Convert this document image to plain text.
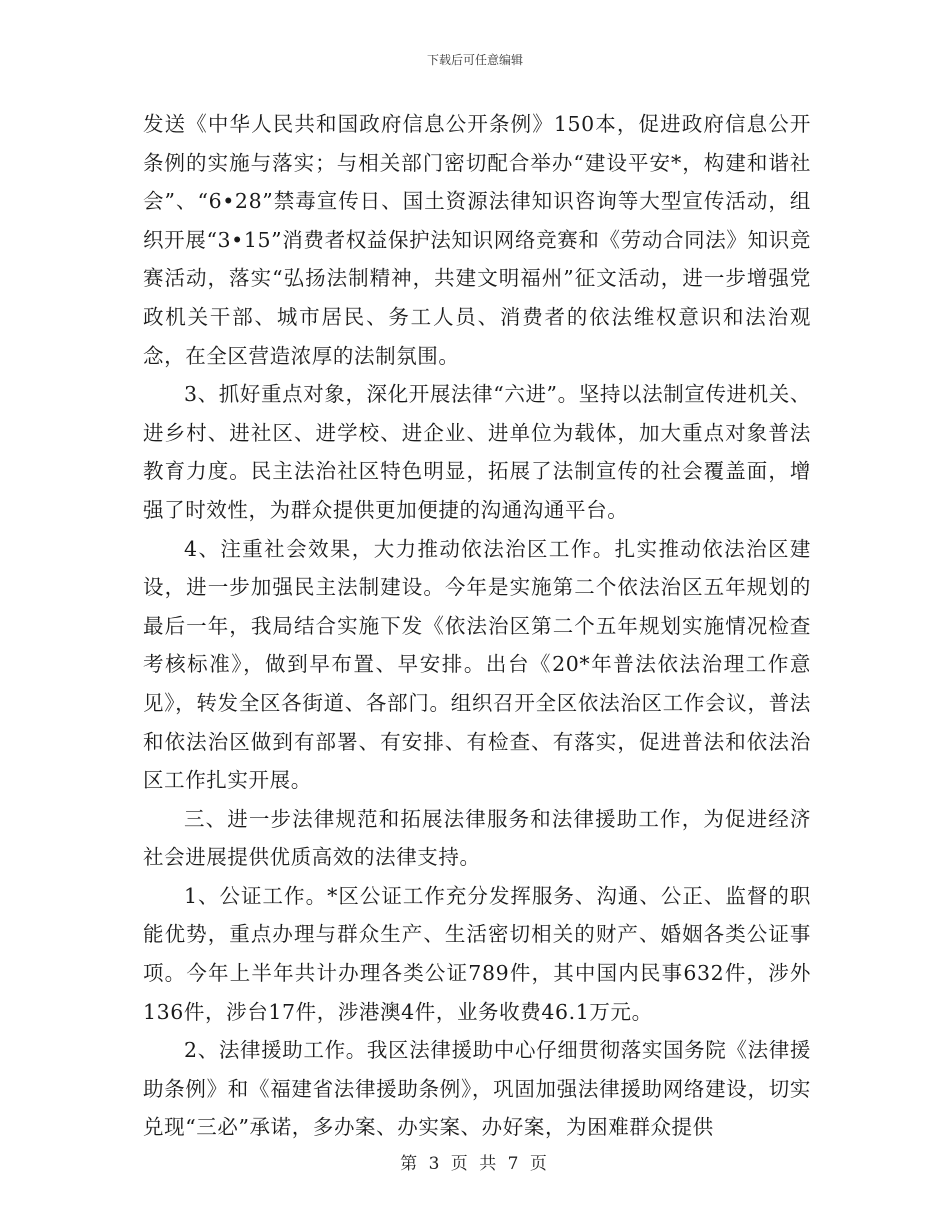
下载后可任意编辑

发送《中华人民共和国政府信息公开条例》150本，促进政府信息公开条例的实施与落实；与相关部门密切配合举办“建设平安*，构建和谐社会”、“6•28”禁毒宣传日、国土资源法律知识咨询等大型宣传活动，组织开展“3•15”消费者权益保护法知识网络竞赛和《劳动合同法》知识竞赛活动，落实“弘扬法制精神，共建文明福州”征文活动，进一步增强党政机关干部、城市居民、务工人员、消费者的依法维权意识和法治观念，在全区营造浓厚的法制氛围。

3、抓好重点对象，深化开展法律“六进”。坚持以法制宣传进机关、进乡村、进社区、进学校、进企业、进单位为载体，加大重点对象普法教育力度。民主法治社区特色明显，拓展了法制宣传的社会覆盖面，增强了时效性，为群众提供更加便捷的沟通沟通平台。

4、注重社会效果，大力推动依法治区工作。扎实推动依法治区建设，进一步加强民主法制建设。今年是实施第二个依法治区五年规划的最后一年，我局结合实施下发《依法治区第二个五年规划实施情况检查考核标准》，做到早布置、早安排。出台《20*年普法依法治理工作意见》，转发全区各街道、各部门。组织召开全区依法治区工作会议，普法和依法治区做到有部署、有安排、有检查、有落实，促进普法和依法治区工作扎实开展。

三、进一步法律规范和拓展法律服务和法律援助工作，为促进经济社会进展提供优质高效的法律支持。

1、公证工作。*区公证工作充分发挥服务、沟通、公正、监督的职能优势，重点办理与群众生产、生活密切相关的财产、婚姻各类公证事项。今年上半年共计办理各类公证789件，其中国内民事632件，涉外136件，涉台17件，涉港澳4件，业务收费46.1万元。

2、法律援助工作。我区法律援助中心仔细贯彻落实国务院《法律援助条例》和《福建省法律援助条例》，巩固加强法律援助网络建设，切实兑现“三必”承诺，多办案、办实案、办好案，为困难群众提供

第 3 页 共 7 页
